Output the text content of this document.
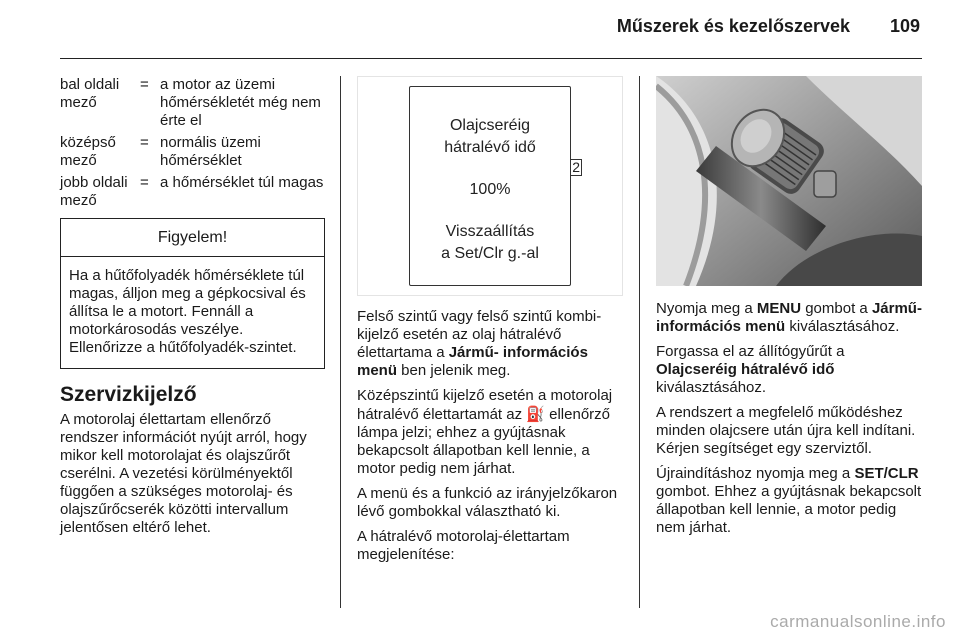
Műszerek és kezelőszervek	109
bal oldali mező
= a motor az üzemi hőmérsékletét még nem érte el
középső mező
= normális üzemi hőmérséklet
jobb oldali mező
= a hőmérséklet túl magas
Figyelem!
Ha a hűtőfolyadék hőmérséklete túl magas, álljon meg a gépkocsival és állítsa le a motort. Fennáll a motorkárosodás veszélye. Ellenőrizze a hűtőfolyadék-szintet.
Szervizkijelző

A motorolaj élettartam ellenőrző rendszer információt nyújt arról, hogy mikor kell motorolajat és olajszűrőt cserélni. A vezetési körülményektől függően a szükséges motorolaj- és olajszűrőcserék közötti intervallum jelentősen eltérő lehet.

Olajcseréig
hátralévő idő
100%
Visszaállítás
a Set/Clr g.-al
2

Felső szintű vagy felső szintű kombi-kijelző esetén az olaj hátralévő élettartama a Jármű- információs menü ben jelenik meg.

Középszintű kijelző esetén a motorolaj hátralévő élettartamát az ⛽ ellenőrző lámpa jelzi; ehhez a gyújtásnak bekapcsolt állapotban kell lennie, a motor pedig nem járhat.

A menü és a funkció az irányjelzőkaron lévő gombokkal választható ki.

A hátralévő motorolaj-élettartam megjelenítése:

Nyomja meg a MENU gombot a Jármű- információs menü kiválasztásához.

Forgassa el az állítógyűrűt a Olajcseréig hátralévő idő kiválasztásához.

A rendszert a megfelelő működéshez minden olajcsere után újra kell indítani. Kérjen segítséget egy szerviztől.

Újraindításhoz nyomja meg a SET/CLR gombot. Ehhez a gyújtásnak bekapcsolt állapotban kell lennie, a motor pedig nem járhat.

carmanualsonline.info
